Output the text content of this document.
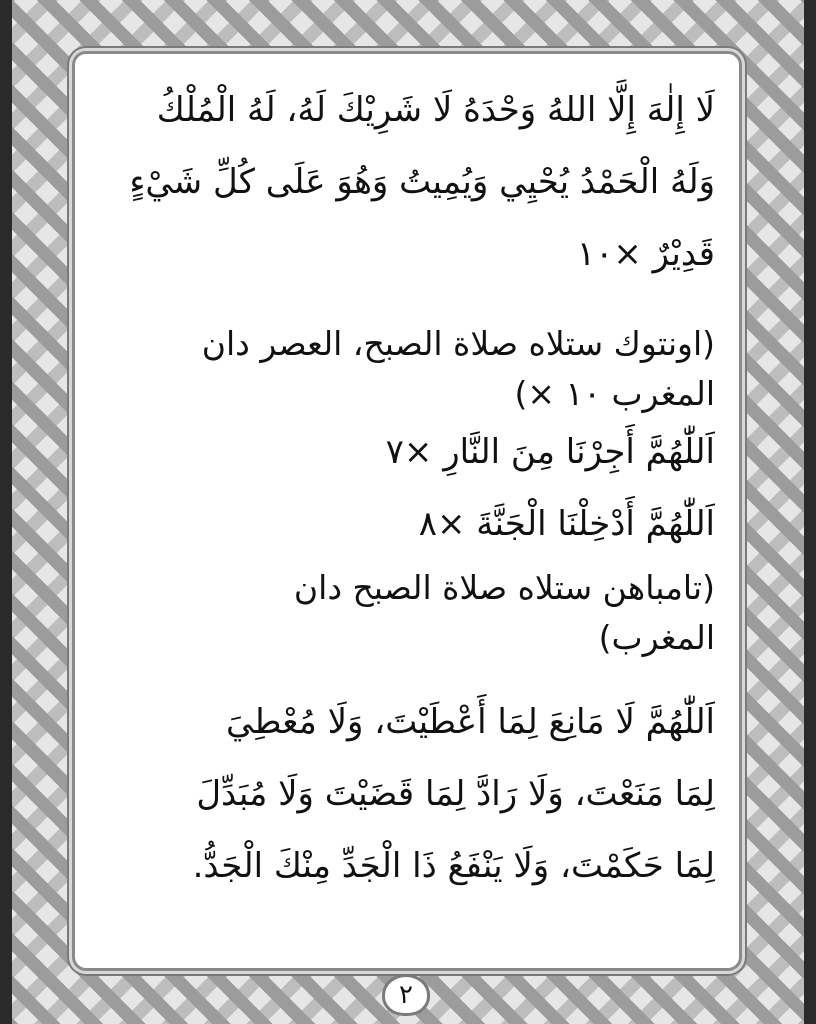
لَا إِلٰهَ إِلَّا اللهُ وَحْدَهُ لَا شَرِيْكَ لَهُ، لَهُ الْمُلْكُ

وَلَهُ الْحَمْدُ يُحْيِي وَيُمِيتُ وَهُوَ عَلَى كُلِّ شَيْءٍ

قَدِيْرٌ ×١٠

(اونتوك ستلاه صلاة الصبح، العصر دان

المغرب ١٠ ×)

اَللّٰهُمَّ أَجِرْنَا مِنَ النَّارِ ×٧

اَللّٰهُمَّ أَدْخِلْنَا الْجَنَّةَ ×٨

(تامباهن ستلاه صلاة الصبح دان

المغرب)

اَللّٰهُمَّ لَا مَانِعَ لِمَا أَعْطَيْتَ، وَلَا مُعْطِيَ

لِمَا مَنَعْتَ، وَلَا رَادَّ لِمَا قَضَيْتَ وَلَا مُبَدِّلَ

لِمَا حَكَمْتَ، وَلَا يَنْفَعُ ذَا الْجَدِّ مِنْكَ الْجَدُّ.

٢
